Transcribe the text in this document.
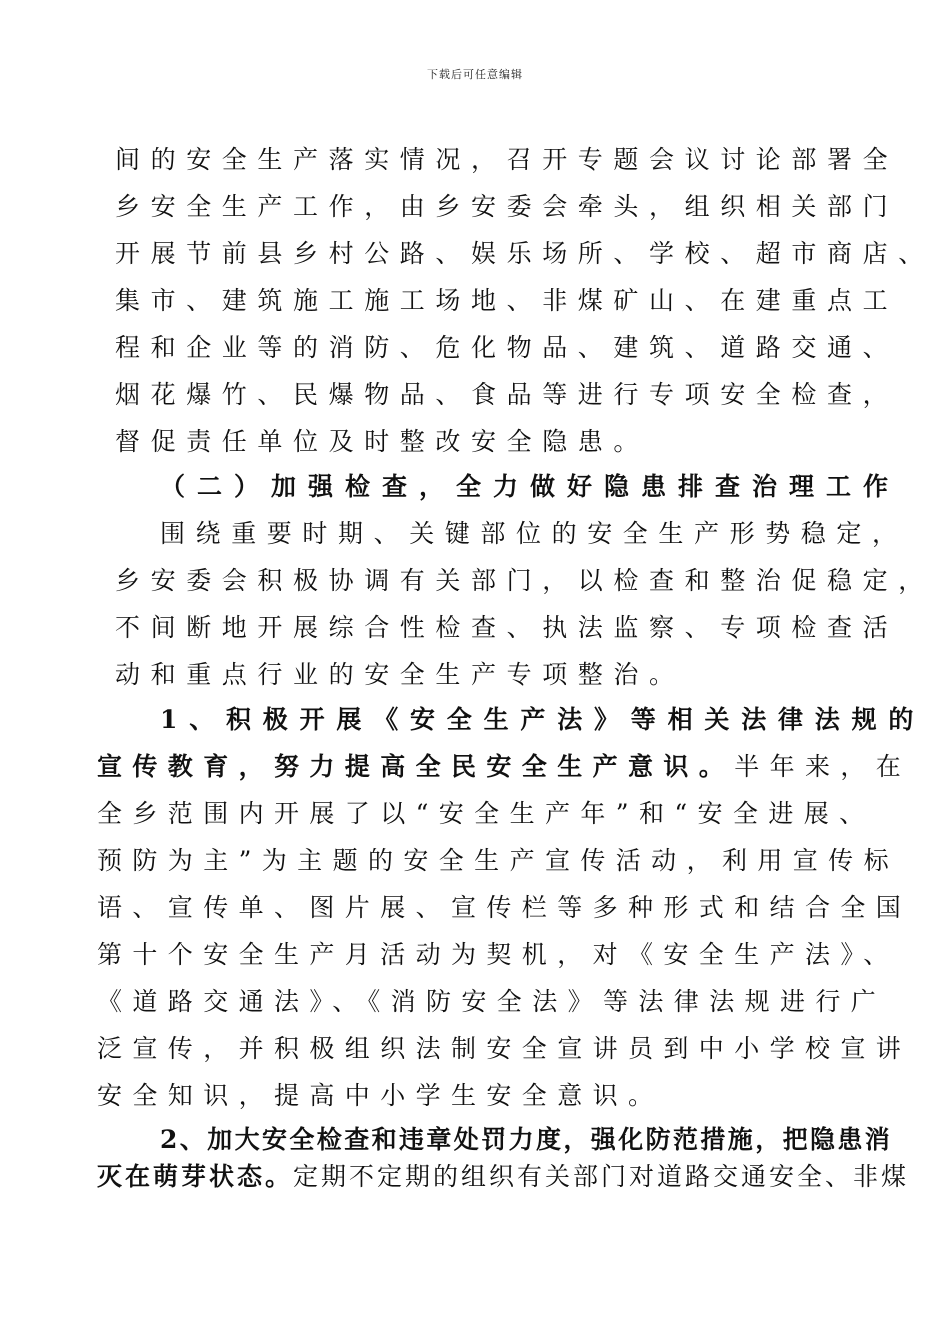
下载后可任意编辑
间的安全生产落实情况，召开专题会议讨论部署全
乡安全生产工作，由乡安委会牵头，组织相关部门
开展节前县乡村公路、娱乐场所、学校、超市商店、
集市、建筑施工施工场地、非煤矿山、在建重点工
程和企业等的消防、危化物品、建筑、道路交通、
烟花爆竹、民爆物品、食品等进行专项安全检查，
督促责任单位及时整改安全隐患。
（二）加强检查，全力做好隐患排查治理工作
围绕重要时期、关键部位的安全生产形势稳定，
乡安委会积极协调有关部门，以检查和整治促稳定，
不间断地开展综合性检查、执法监察、专项检查活
动和重点行业的安全生产专项整治。
1、积极开展《安全生产法》等相关法律法规的
宣传教育，努力提高全民安全生产意识。半年来，在
全乡范围内开展了以“安全生产年”和“安全进展、
预防为主”为主题的安全生产宣传活动，利用宣传标
语、宣传单、图片展、宣传栏等多种形式和结合全国
第十个安全生产月活动为契机，对《安全生产法》、
《道路交通法》、《消防安全法》等法律法规进行广
泛宣传，并积极组织法制安全宣讲员到中小学校宣讲
安全知识，提高中小学生安全意识。
2、加大安全检查和违章处罚力度，强化防范措施，把隐患消
灭在萌芽状态。定期不定期的组织有关部门对道路交通安全、非煤
